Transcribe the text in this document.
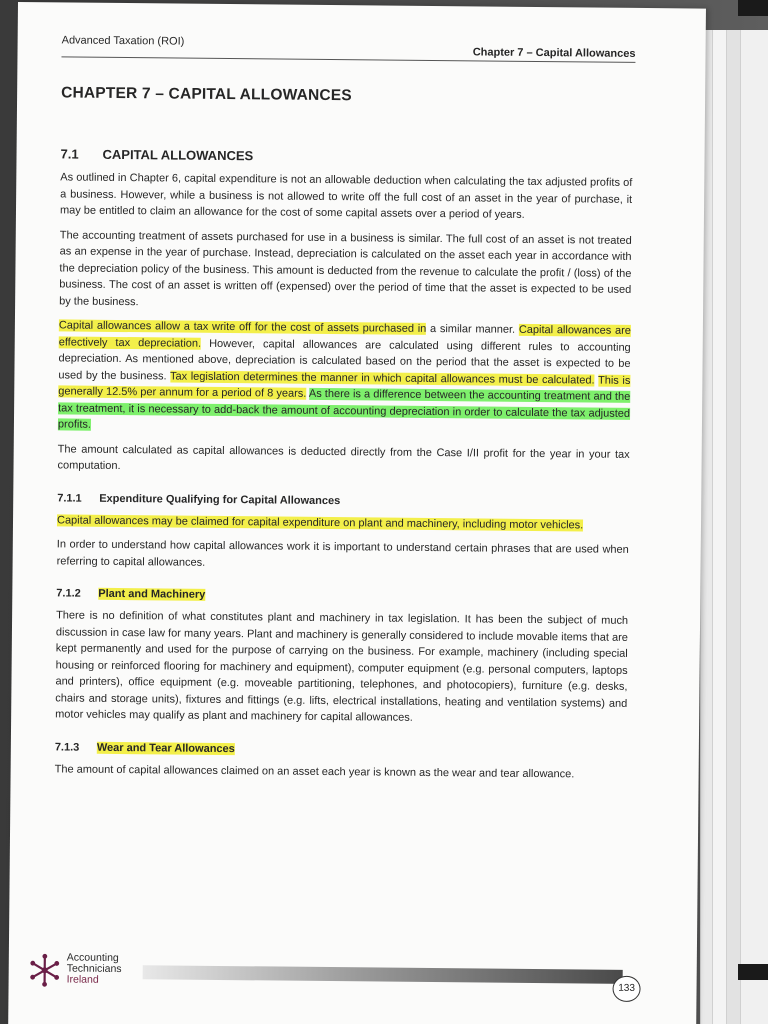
Advanced Taxation (ROI)
Chapter 7 – Capital Allowances
CHAPTER 7 – CAPITAL ALLOWANCES
7.1 CAPITAL ALLOWANCES

As outlined in Chapter 6, capital expenditure is not an allowable deduction when calculating the tax adjusted profits of a business. However, while a business is not allowed to write off the full cost of an asset in the year of purchase, it may be entitled to claim an allowance for the cost of some capital assets over a period of years.

The accounting treatment of assets purchased for use in a business is similar. The full cost of an asset is not treated as an expense in the year of purchase. Instead, depreciation is calculated on the asset each year in accordance with the depreciation policy of the business. This amount is deducted from the revenue to calculate the profit / (loss) of the business. The cost of an asset is written off (expensed) over the period of time that the asset is expected to be used by the business.

Capital allowances allow a tax write off for the cost of assets purchased in a similar manner. Capital allowances are effectively tax depreciation. However, capital allowances are calculated using different rules to accounting depreciation. As mentioned above, depreciation is calculated based on the period that the asset is expected to be used by the business. Tax legislation determines the manner in which capital allowances must be calculated. This is generally 12.5% per annum for a period of 8 years. As there is a difference between the accounting treatment and the tax treatment, it is necessary to add-back the amount of accounting depreciation in order to calculate the tax adjusted profits.

The amount calculated as capital allowances is deducted directly from the Case I/II profit for the year in your tax computation.

7.1.1 Expenditure Qualifying for Capital Allowances

Capital allowances may be claimed for capital expenditure on plant and machinery, including motor vehicles.

In order to understand how capital allowances work it is important to understand certain phrases that are used when referring to capital allowances.

7.1.2 Plant and Machinery

There is no definition of what constitutes plant and machinery in tax legislation. It has been the subject of much discussion in case law for many years. Plant and machinery is generally considered to include movable items that are kept permanently and used for the purpose of carrying on the business. For example, machinery (including special housing or reinforced flooring for machinery and equipment), computer equipment (e.g. personal computers, laptops and printers), office equipment (e.g. moveable partitioning, telephones, and photocopiers), furniture (e.g. desks, chairs and storage units), fixtures and fittings (e.g. lifts, electrical installations, heating and ventilation systems) and motor vehicles may qualify as plant and machinery for capital allowances.

7.1.3 Wear and Tear Allowances

The amount of capital allowances claimed on an asset each year is known as the wear and tear allowance.

Accounting
Technicians
Ireland
133
